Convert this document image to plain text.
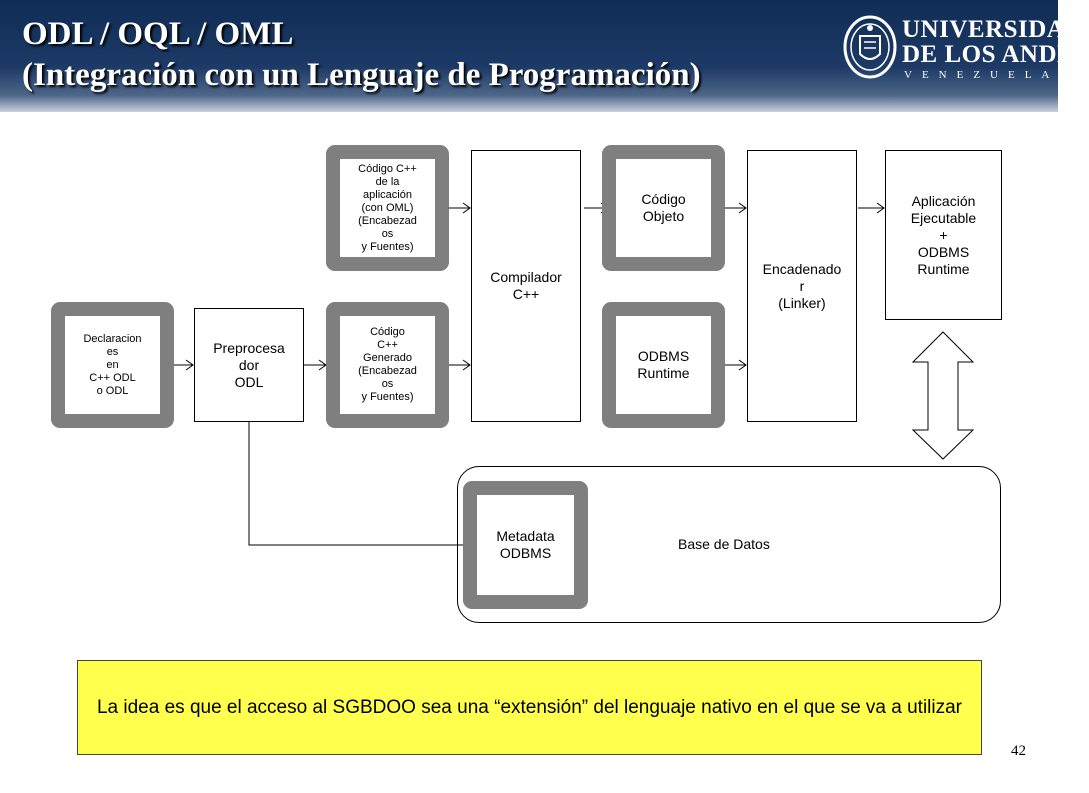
ODL / OQL / OML
(Integración con un Lenguaje de Programación)
UNIVERSIDAD
DE LOS ANDES
VENEZUELA
Base de Datos
Declaracion
es
en
C++ ODL
o ODL
Preprocesa
dor
ODL
Código C++
de la
aplicación
(con OML)
(Encabezad
os
y Fuentes)
Código
C++
Generado
(Encabezad
os
y Fuentes)
Compilador
C++
Código
Objeto
ODBMS
Runtime
Encadenado
r
(Linker)
Aplicación
Ejecutable
+
ODBMS
Runtime
Metadata
ODBMS
La idea es que el acceso al SGBDOO sea una “extensión” del lenguaje nativo en el que se va a utilizar
42
